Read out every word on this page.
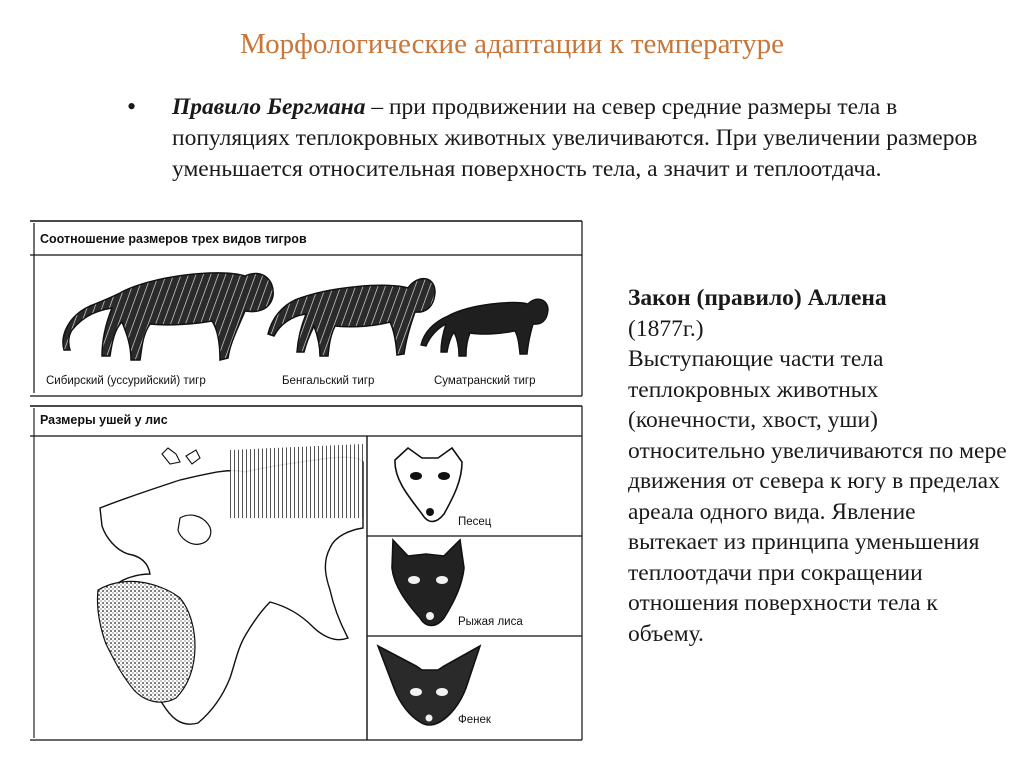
Морфологические адаптации к температуре
• Правило Бергмана – при продвижении на север средние размеры тела в популяциях теплокровных животных увеличиваются. При увеличении размеров уменьшается относительная поверхность тела, а значит и теплоотдача.
Закон (правило) Аллена
(1877г.)
Выступающие части тела теплокровных животных (конечности, хвост, уши) относительно увеличиваются по мере движения от севера к югу в пределах ареала одного вида. Явление вытекает из принципа уменьшения теплоотдачи при сокращении отношения поверхности тела к объему.
Соотношение размеров трех видов тигров
Сибирский (уссурийский) тигр	Бенгальский тигр	Суматранский тигр
Размеры ушей у лис
Песец
Рыжая лиса
Фенек
